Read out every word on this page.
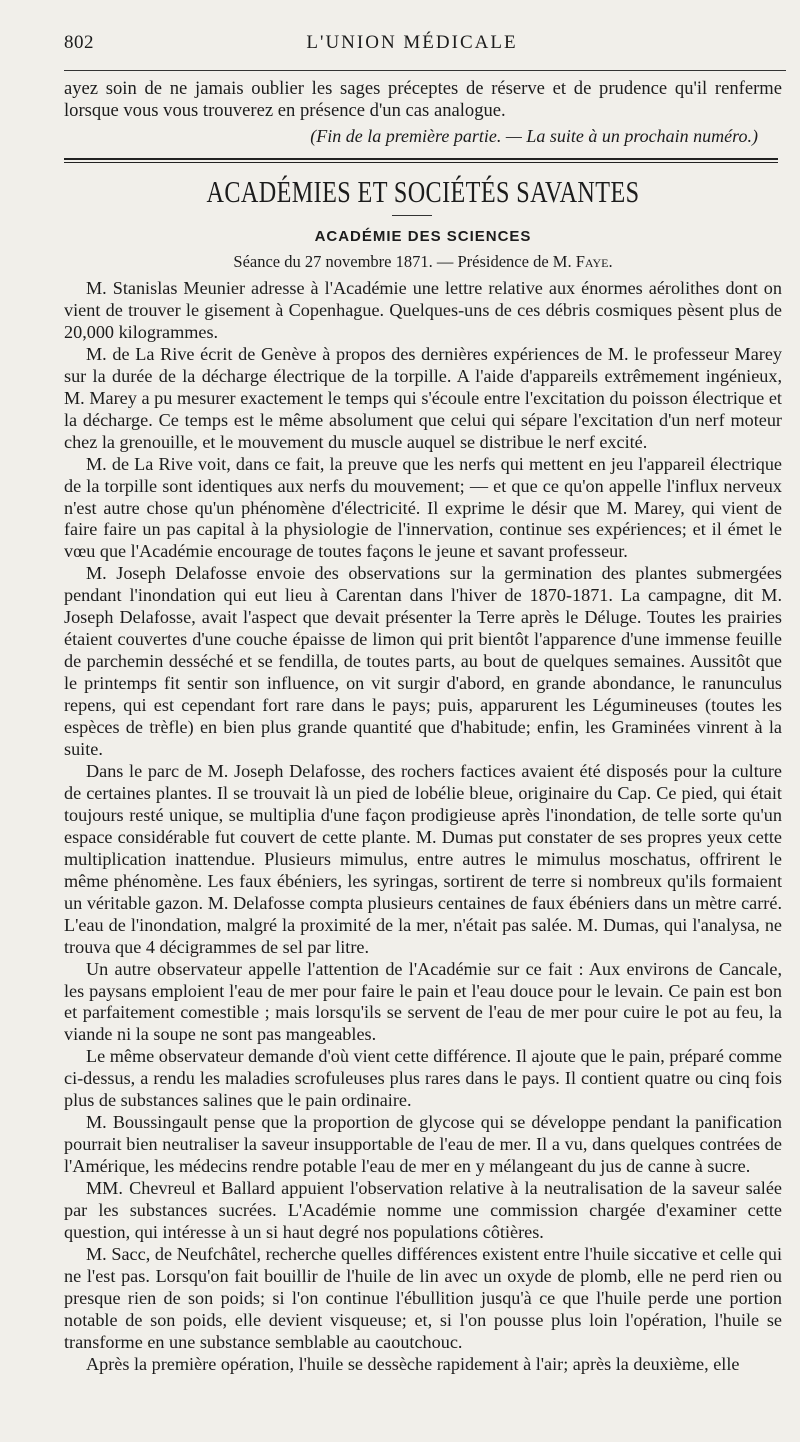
802	L'UNION MÉDICALE

ayez soin de ne jamais oublier les sages préceptes de réserve et de prudence qu'il renferme lorsque vous vous trouverez en présence d'un cas analogue.

(Fin de la première partie. — La suite à un prochain numéro.)
ACADÉMIES ET SOCIÉTÉS SAVANTES
ACADÉMIE DES SCIENCES
Séance du 27 novembre 1871. — Présidence de M. Faye.

M. Stanislas Meunier adresse à l'Académie une lettre relative aux énormes aérolithes dont on vient de trouver le gisement à Copenhague. Quelques-uns de ces débris cosmiques pèsent plus de 20,000 kilogrammes.

M. de La Rive écrit de Genève à propos des dernières expériences de M. le professeur Marey sur la durée de la décharge électrique de la torpille. A l'aide d'appareils extrêmement ingénieux, M. Marey a pu mesurer exactement le temps qui s'écoule entre l'excitation du poisson électrique et la décharge. Ce temps est le même absolument que celui qui sépare l'excitation d'un nerf moteur chez la grenouille, et le mouvement du muscle auquel se distribue le nerf excité.

M. de La Rive voit, dans ce fait, la preuve que les nerfs qui mettent en jeu l'appareil électrique de la torpille sont identiques aux nerfs du mouvement; — et que ce qu'on appelle l'influx nerveux n'est autre chose qu'un phénomène d'électricité. Il exprime le désir que M. Marey, qui vient de faire faire un pas capital à la physiologie de l'innervation, continue ses expériences; et il émet le vœu que l'Académie encourage de toutes façons le jeune et savant professeur.

M. Joseph Delafosse envoie des observations sur la germination des plantes submergées pendant l'inondation qui eut lieu à Carentan dans l'hiver de 1870-1871. La campagne, dit M. Joseph Delafosse, avait l'aspect que devait présenter la Terre après le Déluge. Toutes les prairies étaient couvertes d'une couche épaisse de limon qui prit bientôt l'apparence d'une immense feuille de parchemin desséché et se fendilla, de toutes parts, au bout de quelques semaines. Aussitôt que le printemps fit sentir son influence, on vit surgir d'abord, en grande abondance, le ranunculus repens, qui est cependant fort rare dans le pays; puis, apparurent les Légumineuses (toutes les espèces de trèfle) en bien plus grande quantité que d'habitude; enfin, les Graminées vinrent à la suite.

Dans le parc de M. Joseph Delafosse, des rochers factices avaient été disposés pour la culture de certaines plantes. Il se trouvait là un pied de lobélie bleue, originaire du Cap. Ce pied, qui était toujours resté unique, se multiplia d'une façon prodigieuse après l'inondation, de telle sorte qu'un espace considérable fut couvert de cette plante. M. Dumas put constater de ses propres yeux cette multiplication inattendue. Plusieurs mimulus, entre autres le mimulus moschatus, offrirent le même phénomène. Les faux ébéniers, les syringas, sortirent de terre si nombreux qu'ils formaient un véritable gazon. M. Delafosse compta plusieurs centaines de faux ébéniers dans un mètre carré. L'eau de l'inondation, malgré la proximité de la mer, n'était pas salée. M. Dumas, qui l'analysa, ne trouva que 4 décigrammes de sel par litre.

Un autre observateur appelle l'attention de l'Académie sur ce fait : Aux environs de Cancale, les paysans emploient l'eau de mer pour faire le pain et l'eau douce pour le levain. Ce pain est bon et parfaitement comestible ; mais lorsqu'ils se servent de l'eau de mer pour cuire le pot au feu, la viande ni la soupe ne sont pas mangeables.

Le même observateur demande d'où vient cette différence. Il ajoute que le pain, préparé comme ci-dessus, a rendu les maladies scrofuleuses plus rares dans le pays. Il contient quatre ou cinq fois plus de substances salines que le pain ordinaire.

M. Boussingault pense que la proportion de glycose qui se développe pendant la panification pourrait bien neutraliser la saveur insupportable de l'eau de mer. Il a vu, dans quelques contrées de l'Amérique, les médecins rendre potable l'eau de mer en y mélangeant du jus de canne à sucre.

MM. Chevreul et Ballard appuient l'observation relative à la neutralisation de la saveur salée par les substances sucrées. L'Académie nomme une commission chargée d'examiner cette question, qui intéresse à un si haut degré nos populations côtières.

M. Sacc, de Neufchâtel, recherche quelles différences existent entre l'huile siccative et celle qui ne l'est pas. Lorsqu'on fait bouillir de l'huile de lin avec un oxyde de plomb, elle ne perd rien ou presque rien de son poids; si l'on continue l'ébullition jusqu'à ce que l'huile perde une portion notable de son poids, elle devient visqueuse; et, si l'on pousse plus loin l'opération, l'huile se transforme en une substance semblable au caoutchouc.

Après la première opération, l'huile se dessèche rapidement à l'air; après la deuxième, elle
